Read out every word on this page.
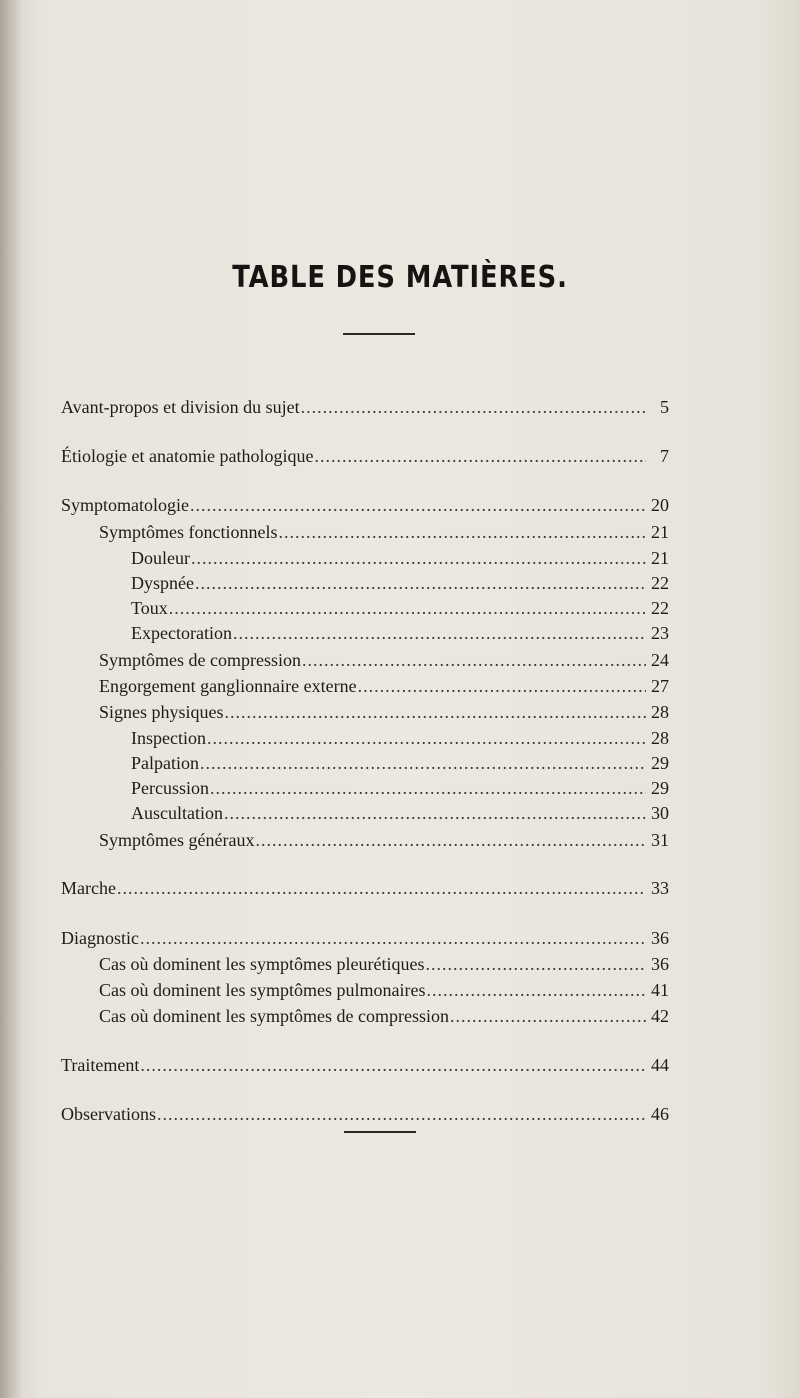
TABLE DES MATIÈRES.
Avant-propos et division du sujet .....	5
Étiologie et anatomie pathologique .....	7
Symptomatologie .....	20
Symptômes fonctionnels .....	21
Douleur .....	21
Dyspnée .....	22
Toux .....	22
Expectoration .....	23
Symptômes de compression .....	24
Engorgement ganglionnaire externe .....	27
Signes physiques .....	28
Inspection .....	28
Palpation .....	29
Percussion .....	29
Auscultation .....	30
Symptômes généraux .....	31
Marche .....	33
Diagnostic .....	36
Cas où dominent les symptômes pleurétiques .....	36
Cas où dominent les symptômes pulmonaires .....	41
Cas où dominent les symptômes de compression .....	42
Traitement .....	44
Observations .....	46
